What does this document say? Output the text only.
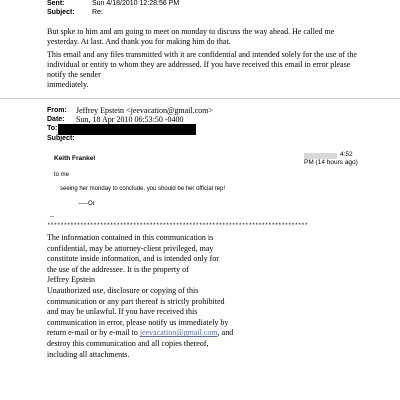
Sent:	Sun 4/18/2010 12:28:56 PM
Subject: Re:
But spke to him and am going to meet on monday to discuss the way ahead. He called me yesterday. At last. And thank you for making him do that.
This email and any files transmitted with it are confidential and intended solely for the use of the individual or entity to whom they are addressed. If you have received this email in error please notify the sender
immediately.
From: Jeffrey Epstein <jeevacation@gmail.com>
Date: Sun, 18 Apr 2010 06:53:50 -0400
To:
Subject:
Keith Frankel
4:52
PM (14 hours ago)
to me
seeing her monday to conclude, you should be her official rep!
-----Or
--
*******************************************************************************
The information contained in this communication is
confidential, may be attorney-client privileged, may
constitute inside information, and is intended only for
the use of the addressee. It is the property of
Jeffrey Epstein
Unauthorized use, disclosure or copying of this
communication or any part thereof is strictly prohibited
and may be unlawful. If you have received this
communication in error, please notify us immediately by
return e-mail or by e-mail to jeevacation@gmail.com, and
destroy this communication and all copies thereof,
including all attachments.
